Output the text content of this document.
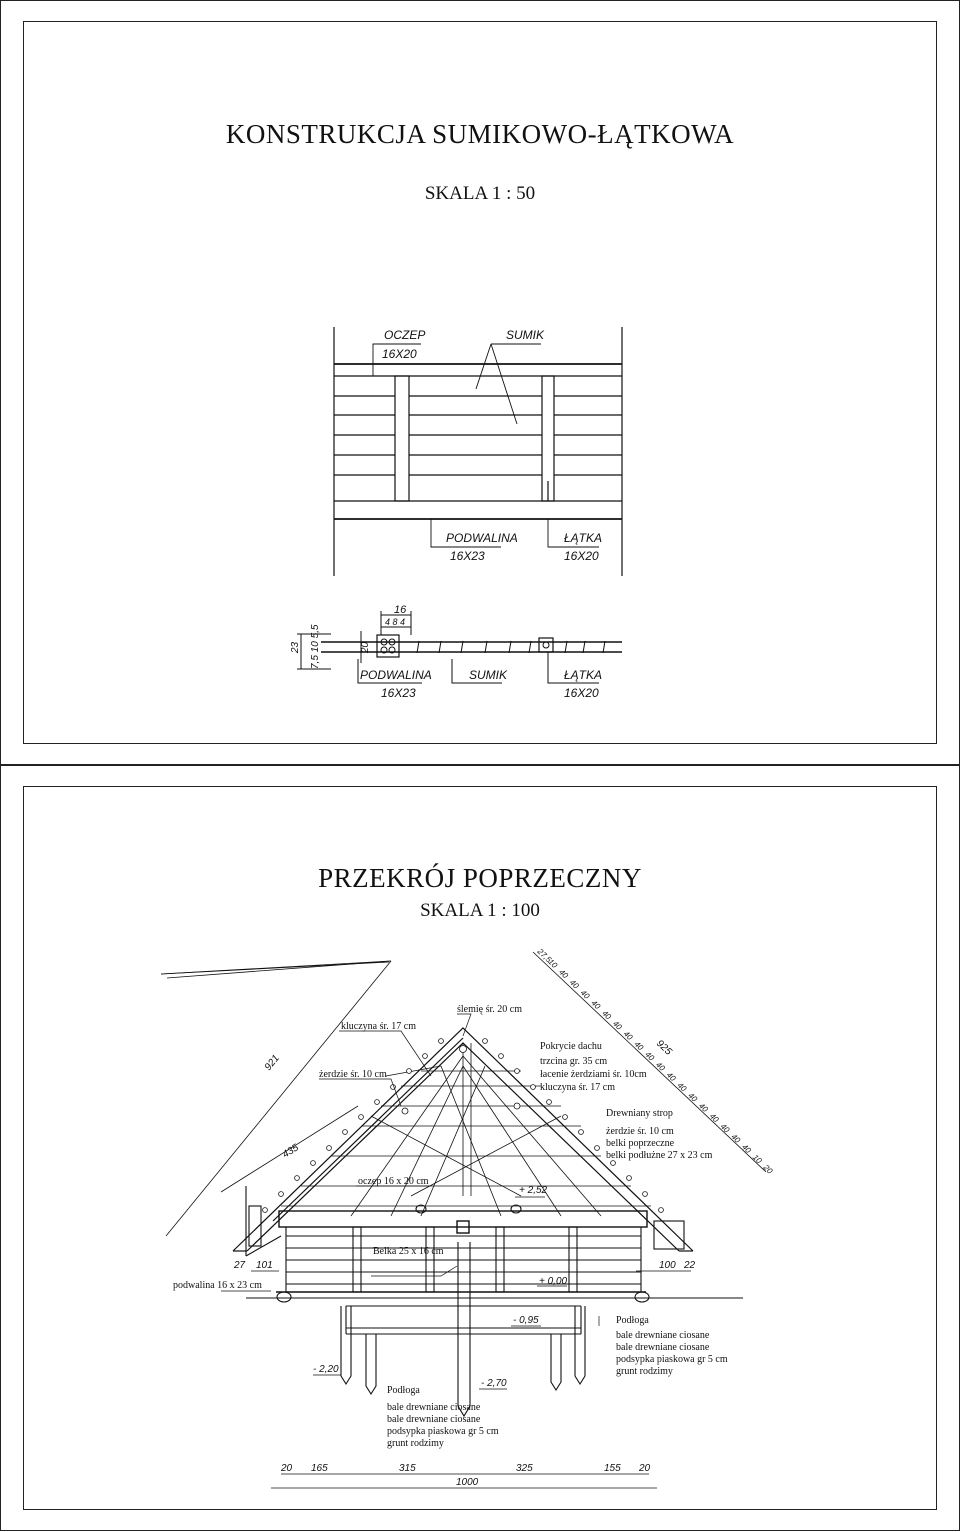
KONSTRUKCJA SUMIKOWO-ŁĄTKOWA
SKALA 1 : 50
OCZEP
16X20
SUMIK
PODWALINA
16X23
ŁĄTKA
16X20
16
4 8 4
23 7,5 10 5,5	20
PODWALINA
16X23
SUMIK	ŁĄTKA
16X20
PRZEKRÓJ POPRZECZNY
SKALA 1 : 100
ślemię śr. 20 cm
kluczyna śr. 17 cm
żerdzie śr. 10 cm
oczep 16 x 20 cm
Belka 25 x 16 cm
podwalina 16 x 23 cm
Pokrycie dachu
trzcina gr. 35 cm
łacenie żerdziami śr. 10cm
kluczyna śr. 17 cm
Drewniany strop
żerdzie śr. 10 cm
belki poprzeczne
belki podłużne 27 x 23 cm
Podłoga
bale drewniane ciosane
bale drewniane ciosane
podsypka piaskowa gr 5 cm
grunt rodzimy
Podłoga
bale drewniane ciosane
bale drewniane ciosane
podsypka piaskowa gr 5 cm
grunt rodzimy
+ 2,52
+ 0,00
- 0,95
- 2,20
- 2,70
921
435
925
27 101	100 22
20 165	315	325	155 20
1000
27,5
10
40
40
40
40
40
40
40
40
40
40
40
40
40
40
40
40
40
40
10
20
